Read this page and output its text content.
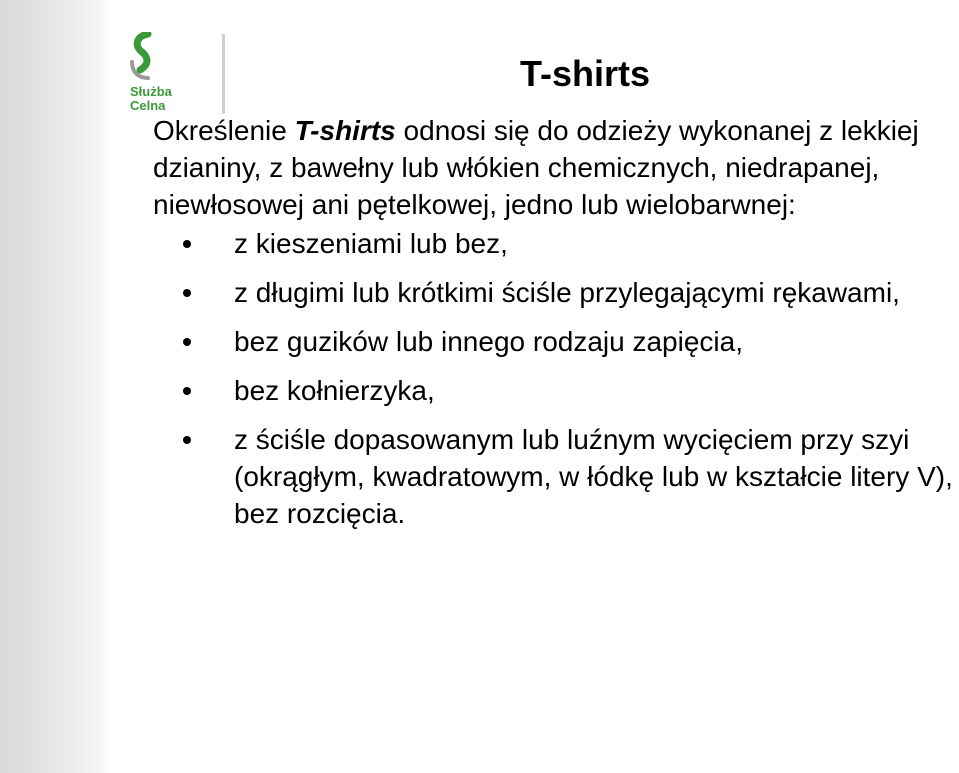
Służba
Celna
T-shirts

Określenie T-shirts odnosi się do odzieży wykonanej z lekkiej dzianiny, z bawełny lub włókien chemicznych, niedrapanej, niewłosowej ani pętelkowej, jedno lub wielobarwnej:

z kieszeniami lub bez,
z długimi lub krótkimi ściśle przylegającymi rękawami,
bez guzików lub innego rodzaju zapięcia,
bez kołnierzyka,
z ściśle dopasowanym lub luźnym wycięciem przy szyi (okrągłym, kwadratowym, w łódkę lub w kształcie litery V), bez rozcięcia.
